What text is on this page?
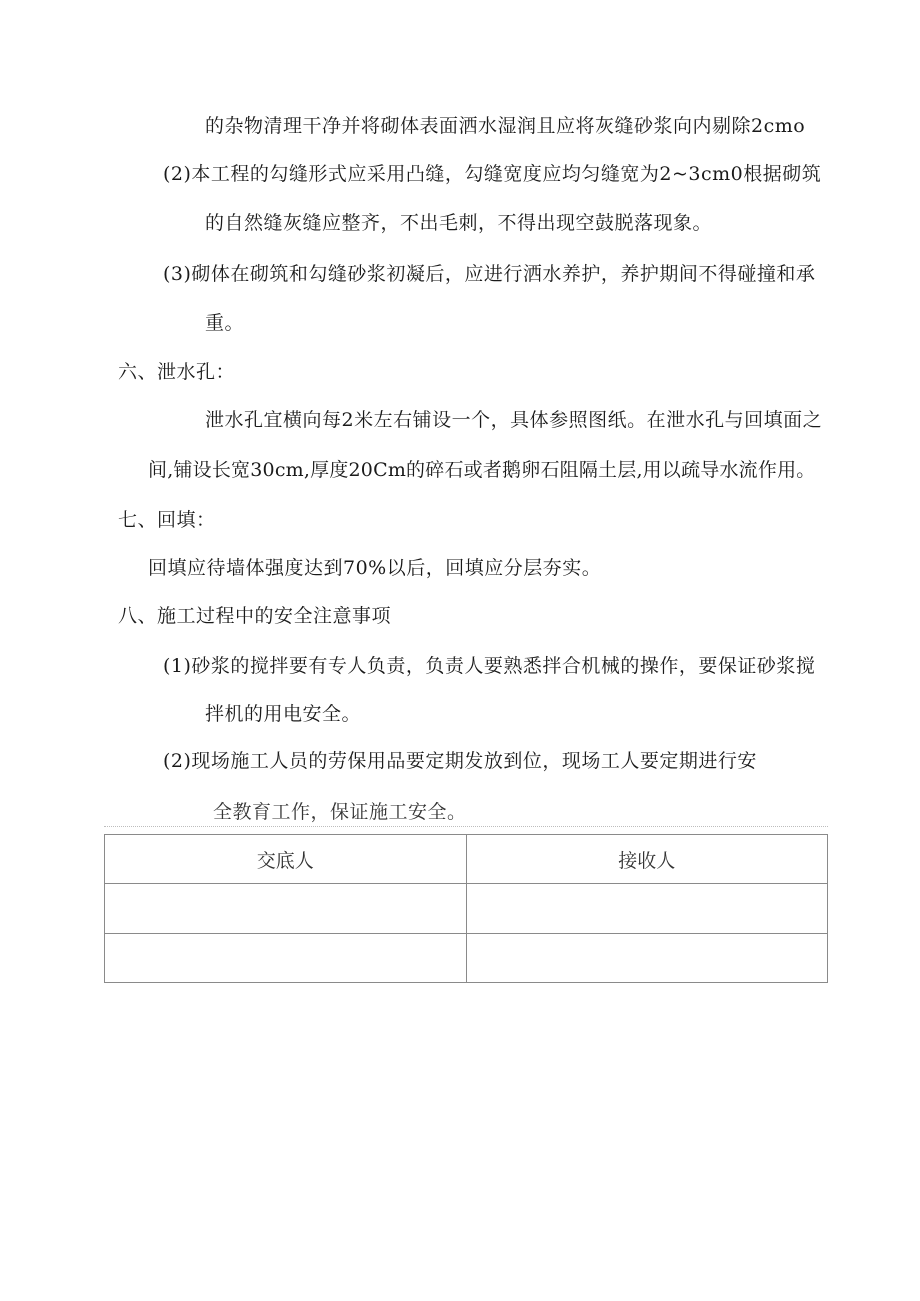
的杂物清理干净并将砌体表面洒水湿润且应将灰缝砂浆向内剔除2cmo
(2)本工程的勾缝形式应采用凸缝，勾缝宽度应均匀缝宽为2~3cm0根据砌筑
的自然缝灰缝应整齐，不出毛刺，不得出现空鼓脱落现象。
(3)砌体在砌筑和勾缝砂浆初凝后，应进行洒水养护，养护期间不得碰撞和承
重。
六、泄水孔：
泄水孔宜横向每2米左右铺设一个，具体参照图纸。在泄水孔与回填面之
间,铺设长宽30cm,厚度20Cm的碎石或者鹅卵石阻隔土层,用以疏导水流作用。
七、回填：
回填应待墙体强度达到70%以后，回填应分层夯实。
八、施工过程中的安全注意事项
(1)砂浆的搅拌要有专人负责，负责人要熟悉拌合机械的操作，要保证砂浆搅
拌机的用电安全。
(2)现场施工人员的劳保用品要定期发放到位，现场工人要定期进行安
全教育工作，保证施工安全。
交底人	接收人
